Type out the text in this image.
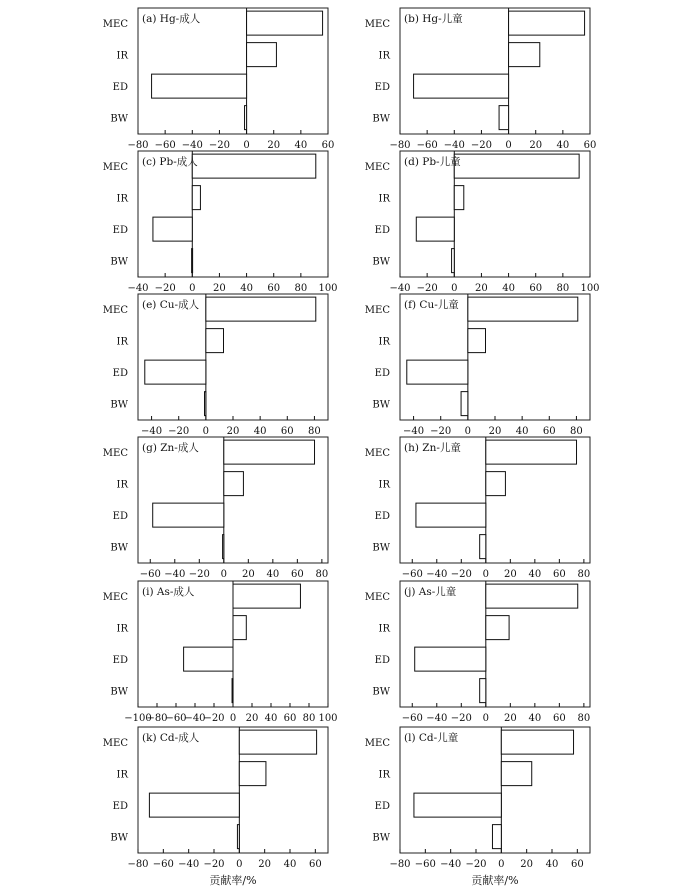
MEC
IR
ED
BW
−80 −60 −40 −20 0 20 40 60
(a) Hg-成人	MEC
IR
ED
BW
−80 −60 −40 −20 0 20 40 60
(b) Hg-儿童
MEC
IR
ED
BW
−40 −20 0 20 40 60 80 100
(c) Pb-成人	MEC
IR
ED
BW
−40 −20 0 20 40 60 80 100
(d) Pb-儿童
MEC
IR
ED
BW
−40 −20 0 20 40 60 80
(e) Cu-成人	MEC
IR
ED
BW
−40 −20 0 20 40 60 80
(f) Cu-儿童
MEC
IR
ED
BW
−60 −40 −20 0 20 40 60 80
(g) Zn-成人	MEC
IR
ED
BW
−60 −40 −20 0 20 40 60 80
(h) Zn-儿童
MEC
IR
ED
BW
−100
−80
−60
−40
−20 0 20 40 60 80 100
(i) As-成人	MEC
IR
ED
BW
−60 −40 −20 0 20 40 60 80
(j) As-儿童
MEC
IR
ED
BW
−80 −60 −40 −20 0 20 40 60
(k) Cd-成人
贡献率/%
MEC
IR
ED
BW
−80 −60 −40 −20 0 20 40 60
(l) Cd-儿童
贡献率/%
